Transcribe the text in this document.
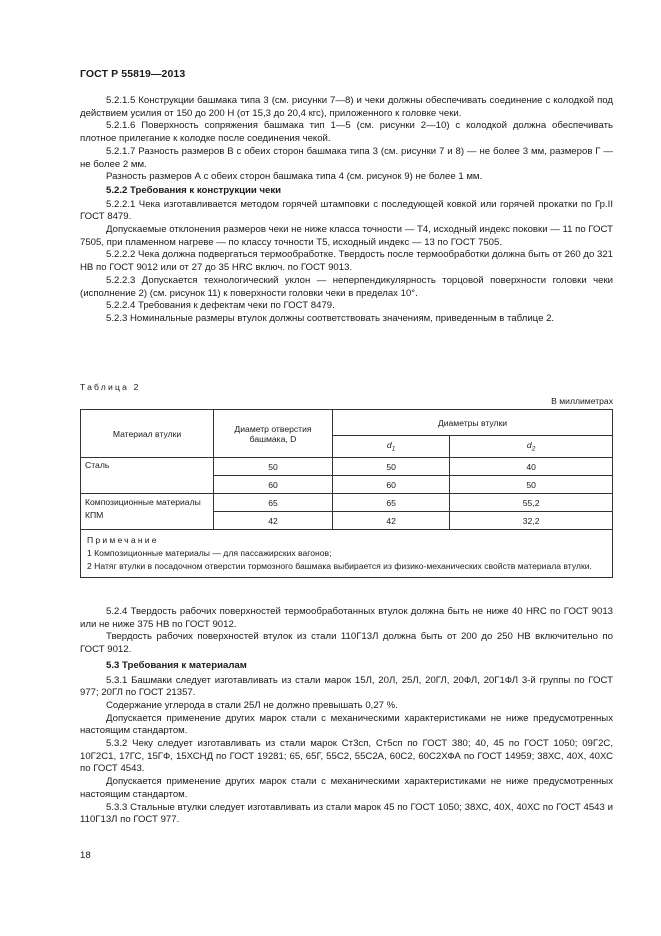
ГОСТ Р 55819—2013

5.2.1.5 Конструкции башмака типа 3 (см. рисунки 7—8) и чеки должны обеспечивать соединение с колодкой под действием усилия от 150 до 200 Н (от 15,3 до 20,4 кгс), приложенного к головке чеки.

5.2.1.6 Поверхность сопряжения башмака тип 1—5 (см. рисунки 2—10) с колодкой должна обеспечивать плотное прилегание к колодке после соединения чекой.

5.2.1.7 Разность размеров В с обеих сторон башмака типа 3 (см. рисунки 7 и 8) — не более 3 мм, размеров Г — не более 2 мм.

Разность размеров А с обеих сторон башмака типа 4 (см. рисунок 9) не более 1 мм.

5.2.2 Требования к конструкции чеки

5.2.2.1 Чека изготавливается методом горячей штамповки с последующей ковкой или горячей прокатки по Гр.II ГОСТ 8479.

Допускаемые отклонения размеров чеки не ниже класса точности — Т4, исходный индекс поковки — 11 по ГОСТ 7505, при пламенном нагреве — по классу точности Т5, исходный индекс — 13 по ГОСТ 7505.

5.2.2.2 Чека должна подвергаться термообработке. Твердость после термообработки должна быть от 260 до 321 НВ по ГОСТ 9012 или от 27 до 35 HRC включ. по ГОСТ 9013.

5.2.2.3 Допускается технологический уклон — неперпендикулярность торцовой поверхности головки чеки (исполнение 2) (см. рисунок 11) к поверхности головки чеки в пределах 10°.

5.2.2.4 Требования к дефектам чеки по ГОСТ 8479.

5.2.3 Номинальные размеры втулок должны соответствовать значениям, приведенным в таблице 2.

Таблица 2
В миллиметрах
Материал втулки	Диаметр отверстия башмака, D	Диаметры втулки	
		$d_1$	$d_2$
Сталь	50	50	40
	60	60	50
Композиционные материалы КПМ	65	65	55,2
	42	42	32,2

Примечание
1 Композиционные материалы — для пассажирских вагонов;
2 Натяг втулки в посадочном отверстии тормозного башмака выбирается из физико-механических свойств материала втулки.			

5.2.4 Твердость рабочих поверхностей термообработанных втулок должна быть не ниже 40 HRC по ГОСТ 9013 или не ниже 375 НВ по ГОСТ 9012.

Твердость рабочих поверхностей втулок из стали 110Г13Л должна быть от 200 до 250 НВ включительно по ГОСТ 9012.

5.3 Требования к материалам

5.3.1 Башмаки следует изготавливать из стали марок 15Л, 20Л, 25Л, 20ГЛ, 20ФЛ, 20Г1ФЛ 3-й группы по ГОСТ 977; 20ГЛ по ГОСТ 21357.

Содержание углерода в стали 25Л не должно превышать 0,27 %.

Допускается применение других марок стали с механическими характеристиками не ниже предусмотренных настоящим стандартом.

5.3.2 Чеку следует изготавливать из стали марок Ст3сп, Ст5сп по ГОСТ 380; 40, 45 по ГОСТ 1050; 09Г2С, 10Г2С1, 17ГС, 15ГФ, 15ХСНД по ГОСТ 19281; 65, 65Г, 55С2, 55С2А, 60С2, 60С2ХФА по ГОСТ 14959; 38ХС, 40Х, 40ХС по ГОСТ 4543.

Допускается применение других марок стали с механическими характеристиками не ниже предусмотренных настоящим стандартом.

5.3.3 Стальные втулки следует изготавливать из стали марок 45 по ГОСТ 1050; 38ХС, 40Х, 40ХС по ГОСТ 4543 и 110Г13Л по ГОСТ 977.

18
